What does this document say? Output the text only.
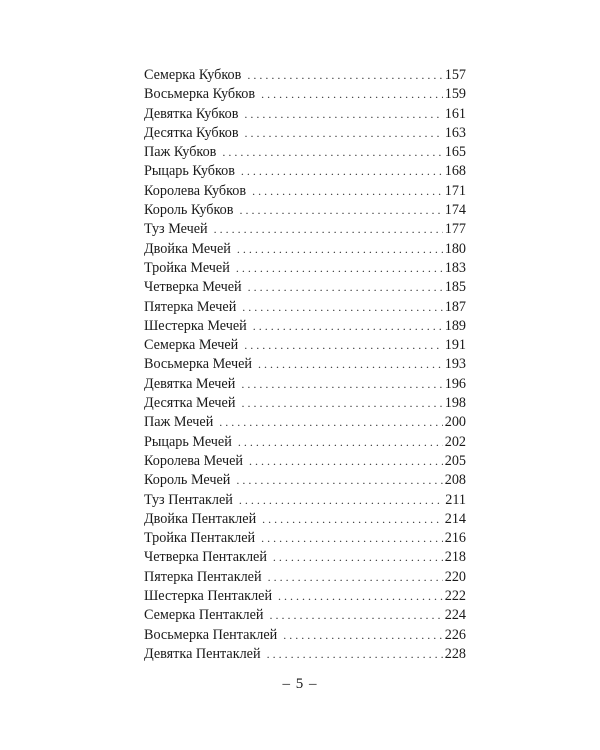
Семерка Кубков . . .	157
Восьмерка Кубков . . .	159
Девятка Кубков . . .	161
Десятка Кубков . . .	163
Паж Кубков . . .	165
Рыцарь Кубков . . .	168
Королева Кубков . . .	171
Король Кубков . . .	174
Туз Мечей . . .	177
Двойка Мечей . . .	180
Тройка Мечей . . .	183
Четверка Мечей . . .	185
Пятерка Мечей . . .	187
Шестерка Мечей . . .	189
Семерка Мечей . . .	191
Восьмерка Мечей . . .	193
Девятка Мечей . . .	196
Десятка Мечей . . .	198
Паж Мечей . . .	200
Рыцарь Мечей . . .	202
Королева Мечей . . .	205
Король Мечей . . .	208
Туз Пентаклей . . .	211
Двойка Пентаклей . . .	214
Тройка Пентаклей . . .	216
Четверка Пентаклей . . .	218
Пятерка Пентаклей . . .	220
Шестерка Пентаклей . . .	222
Семерка Пентаклей . . .	224
Восьмерка Пентаклей . . .	226
Девятка Пентаклей . . .	228
– 5 –
